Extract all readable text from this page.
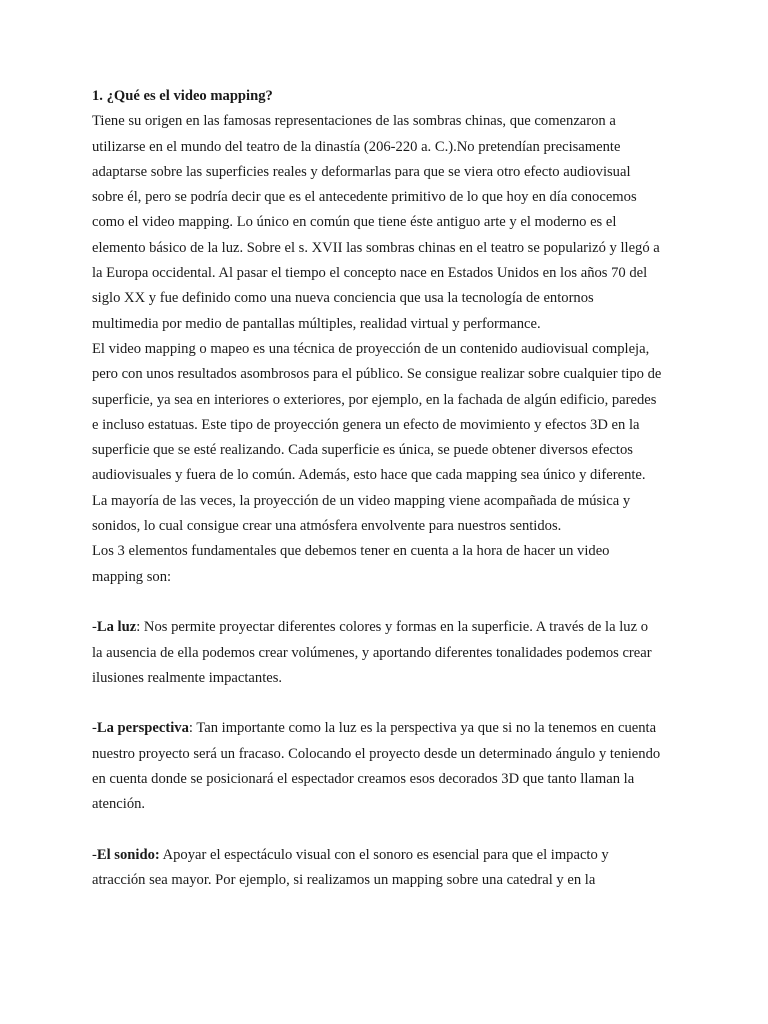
1. ¿Qué es el video mapping?

Tiene su origen en las famosas representaciones de las sombras chinas, que comenzaron a utilizarse en el mundo del teatro de la dinastía (206-220 a. C.).No pretendían precisamente adaptarse sobre las superficies reales y deformarlas para que se viera otro efecto audiovisual sobre él, pero se podría decir que es el antecedente primitivo de lo que hoy en día conocemos como el video mapping. Lo único en común que tiene éste antiguo arte y el moderno es el elemento básico de la luz. Sobre el s. XVII las sombras chinas en el teatro se popularizó y llegó a la Europa occidental. Al pasar el tiempo el concepto nace en Estados Unidos en los años 70 del siglo XX y fue definido como una nueva conciencia que usa la tecnología de entornos multimedia por medio de pantallas múltiples, realidad virtual y performance.

El video mapping o mapeo es una técnica de proyección de un contenido audiovisual compleja, pero con unos resultados asombrosos para el público. Se consigue realizar sobre cualquier tipo de superficie, ya sea en interiores o exteriores, por ejemplo, en la fachada de algún edificio, paredes e incluso estatuas. Este tipo de proyección genera un efecto de movimiento y efectos 3D en la superficie que se esté realizando. Cada superficie es única, se puede obtener diversos efectos audiovisuales y fuera de lo común. Además, esto hace que cada mapping sea único y diferente.

La mayoría de las veces, la proyección de un video mapping viene acompañada de música y sonidos, lo cual consigue crear una atmósfera envolvente para nuestros sentidos.

Los 3 elementos fundamentales que debemos tener en cuenta a la hora de hacer un video mapping son:

-La luz: Nos permite proyectar diferentes colores y formas en la superficie. A través de la luz o la ausencia de ella podemos crear volúmenes, y aportando diferentes tonalidades podemos crear ilusiones realmente impactantes.

-La perspectiva: Tan importante como la luz es la perspectiva ya que si no la tenemos en cuenta nuestro proyecto será un fracaso. Colocando el proyecto desde un determinado ángulo y teniendo en cuenta donde se posicionará el espectador creamos esos decorados 3D que tanto llaman la atención.

-El sonido: Apoyar el espectáculo visual con el sonoro es esencial para que el impacto y atracción sea mayor. Por ejemplo, si realizamos un mapping sobre una catedral y en la
